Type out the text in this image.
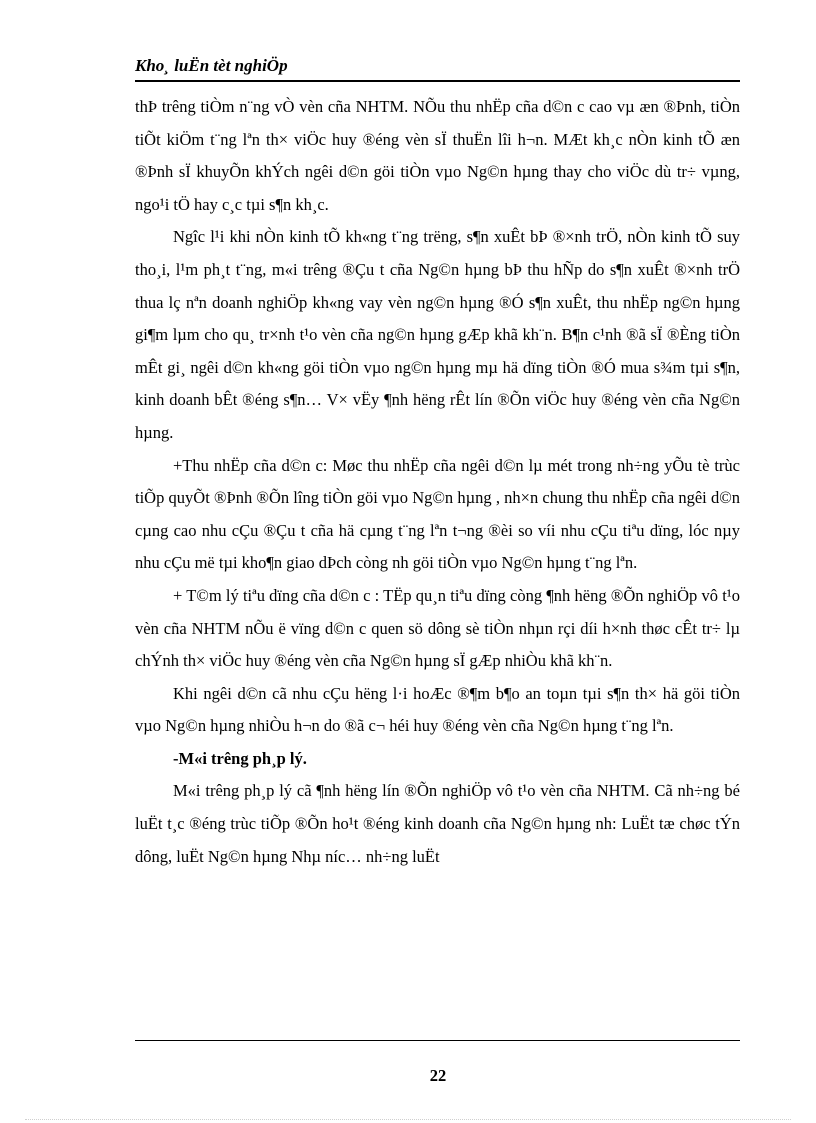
Kho¸ luËn tèt nghiÖp

thÞ trêng tiÒm n¨ng vÒ vèn cña NHTM. NÕu thu nhËp cña d©n c cao vµ æn ®Þnh, tiÒn tiÕt kiÖm t¨ng lªn th× viÖc huy ®éng vèn sÏ thuËn lîi h¬n. MÆt kh¸c nÒn kinh tÕ æn ®Þnh sÏ khuyÕn khÝch ngêi d©n göi tiÒn vµo Ng©n hµng thay cho viÖc dù tr÷ vµng, ngo¹i tÖ hay c¸c tµi s¶n kh¸c.

Ngîc l¹i khi nÒn kinh tÕ kh«ng t¨ng trëng, s¶n xuÊt bÞ ®×nh trÖ, nÒn kinh tÕ suy tho¸i, l¹m ph¸t t¨ng, m«i trêng ®Çu t cña Ng©n hµng bÞ thu hÑp do s¶n xuÊt ®×nh trÖ thua lç nªn doanh nghiÖp kh«ng vay vèn ng©n hµng ®Ó s¶n xuÊt, thu nhËp ng©n hµng gi¶m lµm cho qu¸ tr×nh t¹o vèn cña ng©n hµng gÆp khã kh¨n. B¶n c¹nh ®ã sÏ ®Èng tiÒn mÊt gi¸ ngêi d©n kh«ng göi tiÒn vµo ng©n hµng mµ hä dïng tiÒn ®Ó mua s¾m tµi s¶n, kinh doanh bÊt ®éng s¶n… V× vËy ¶nh hëng rÊt lín ®Õn viÖc huy ®éng vèn cña Ng©n hµng.

+Thu nhËp cña d©n c: Møc thu nhËp cña ngêi d©n lµ mét trong nh÷ng yÕu tè trùc tiÕp quyÕt ®Þnh ®Õn lîng tiÒn göi vµo Ng©n hµng , nh×n chung thu nhËp cña ngêi d©n cµng cao nhu cÇu ®Çu t cña hä cµng t¨ng lªn t¬ng ®èi so víi nhu cÇu tiªu dïng, lóc nµy nhu cÇu më tµi kho¶n giao dÞch còng nh göi tiÒn vµo Ng©n hµng t¨ng lªn.

+ T©m lý tiªu dïng cña d©n c : TËp qu¸n tiªu dïng còng ¶nh hëng ®Õn nghiÖp vô t¹o vèn cña NHTM nÕu ë vïng d©n c quen sö dông sè tiÒn nhµn rçi díi h×nh thøc cÊt tr÷ lµ chÝnh th× viÖc huy ®éng vèn cña Ng©n hµng sÏ gÆp nhiÒu khã kh¨n.

Khi ngêi d©n cã nhu cÇu hëng l·i hoÆc ®¶m b¶o an toµn tµi s¶n th× hä göi tiÒn vµo Ng©n hµng nhiÒu h¬n do ®ã c¬ héi huy ®éng vèn cña Ng©n hµng t¨ng lªn.

-M«i trêng ph¸p lý.

M«i trêng ph¸p lý cã ¶nh hëng lín ®Õn nghiÖp vô t¹o vèn cña NHTM. Cã nh÷ng bé luËt t¸c ®éng trùc tiÕp ®Õn ho¹t ®éng kinh doanh cña Ng©n hµng nh: LuËt tæ chøc tÝn dông, luËt Ng©n hµng Nhµ níc… nh÷ng luËt

22
